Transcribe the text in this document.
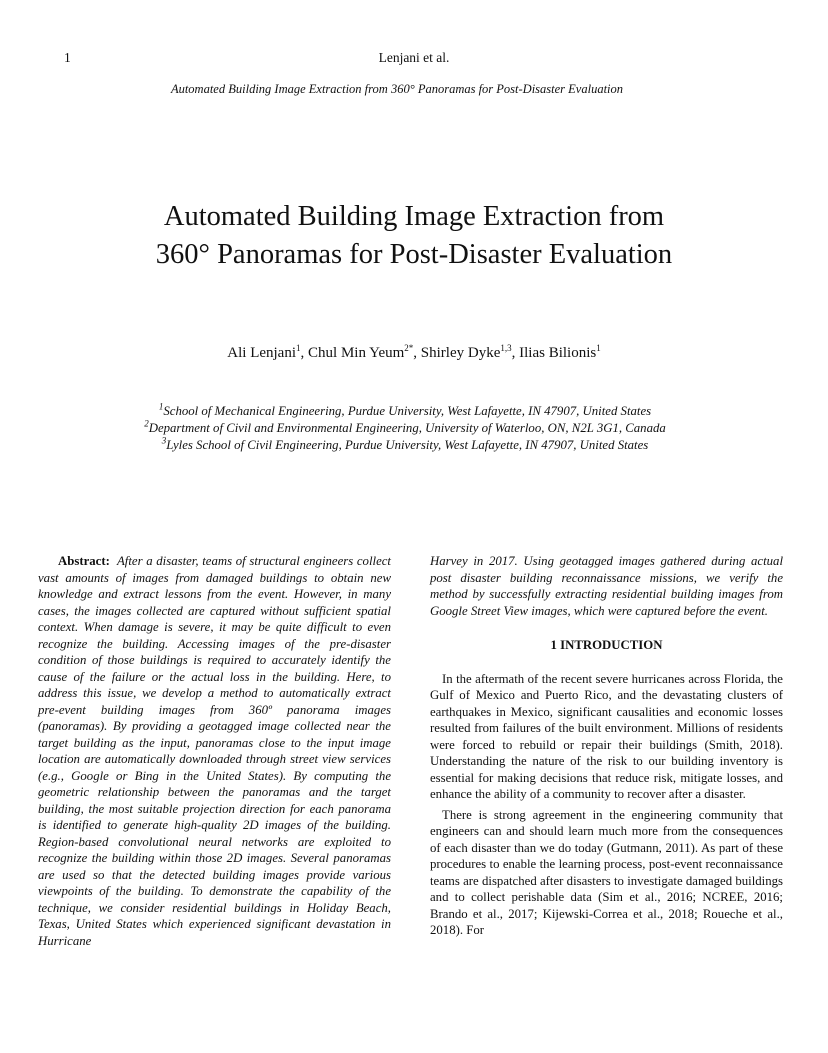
1	Lenjani et al.
Automated Building Image Extraction from 360° Panoramas for Post-Disaster Evaluation
Automated Building Image Extraction from
360° Panoramas for Post-Disaster Evaluation
Ali Lenjani$^1$, Chul Min Yeum$^{2*}$, Shirley Dyke$^{1,3}$, Ilias Bilionis$^1$
$^1$School of Mechanical Engineering, Purdue University, West Lafayette, IN 47907, United States
$^2$Department of Civil and Environmental Engineering, University of Waterloo, ON, N2L 3G1, Canada
$^3$Lyles School of Civil Engineering, Purdue University, West Lafayette, IN 47907, United States

Abstract: After a disaster, teams of structural engineers collect vast amounts of images from damaged buildings to obtain new knowledge and extract lessons from the event. However, in many cases, the images collected are captured without sufficient spatial context. When damage is severe, it may be quite difficult to even recognize the building. Accessing images of the pre-disaster condition of those buildings is required to accurately identify the cause of the failure or the actual loss in the building. Here, to address this issue, we develop a method to automatically extract pre-event building images from 360º panorama images (panoramas). By providing a geotagged image collected near the target building as the input, panoramas close to the input image location are automatically downloaded through street view services (e.g., Google or Bing in the United States). By computing the geometric relationship between the panoramas and the target building, the most suitable projection direction for each panorama is identified to generate high-quality 2D images of the building. Region-based convolutional neural networks are exploited to recognize the building within those 2D images. Several panoramas are used so that the detected building images provide various viewpoints of the building. To demonstrate the capability of the technique, we consider residential buildings in Holiday Beach, Texas, United States which experienced significant devastation in Hurricane

Harvey in 2017. Using geotagged images gathered during actual post disaster building reconnaissance missions, we verify the method by successfully extracting residential building images from Google Street View images, which were captured before the event.

1 INTRODUCTION

In the aftermath of the recent severe hurricanes across Florida, the Gulf of Mexico and Puerto Rico, and the devastating clusters of earthquakes in Mexico, significant causalities and economic losses resulted from failures of the built environment. Millions of residents were forced to rebuild or repair their buildings (Smith, 2018). Understanding the nature of the risk to our building inventory is essential for making decisions that reduce risk, mitigate losses, and enhance the ability of a community to recover after a disaster.

There is strong agreement in the engineering community that engineers can and should learn much more from the consequences of each disaster than we do today (Gutmann, 2011). As part of these procedures to enable the learning process, post-event reconnaissance teams are dispatched after disasters to investigate damaged buildings and to collect perishable data (Sim et al., 2016; NCREE, 2016; Brando et al., 2017; Kijewski-Correa et al., 2018; Roueche et al., 2018). For
